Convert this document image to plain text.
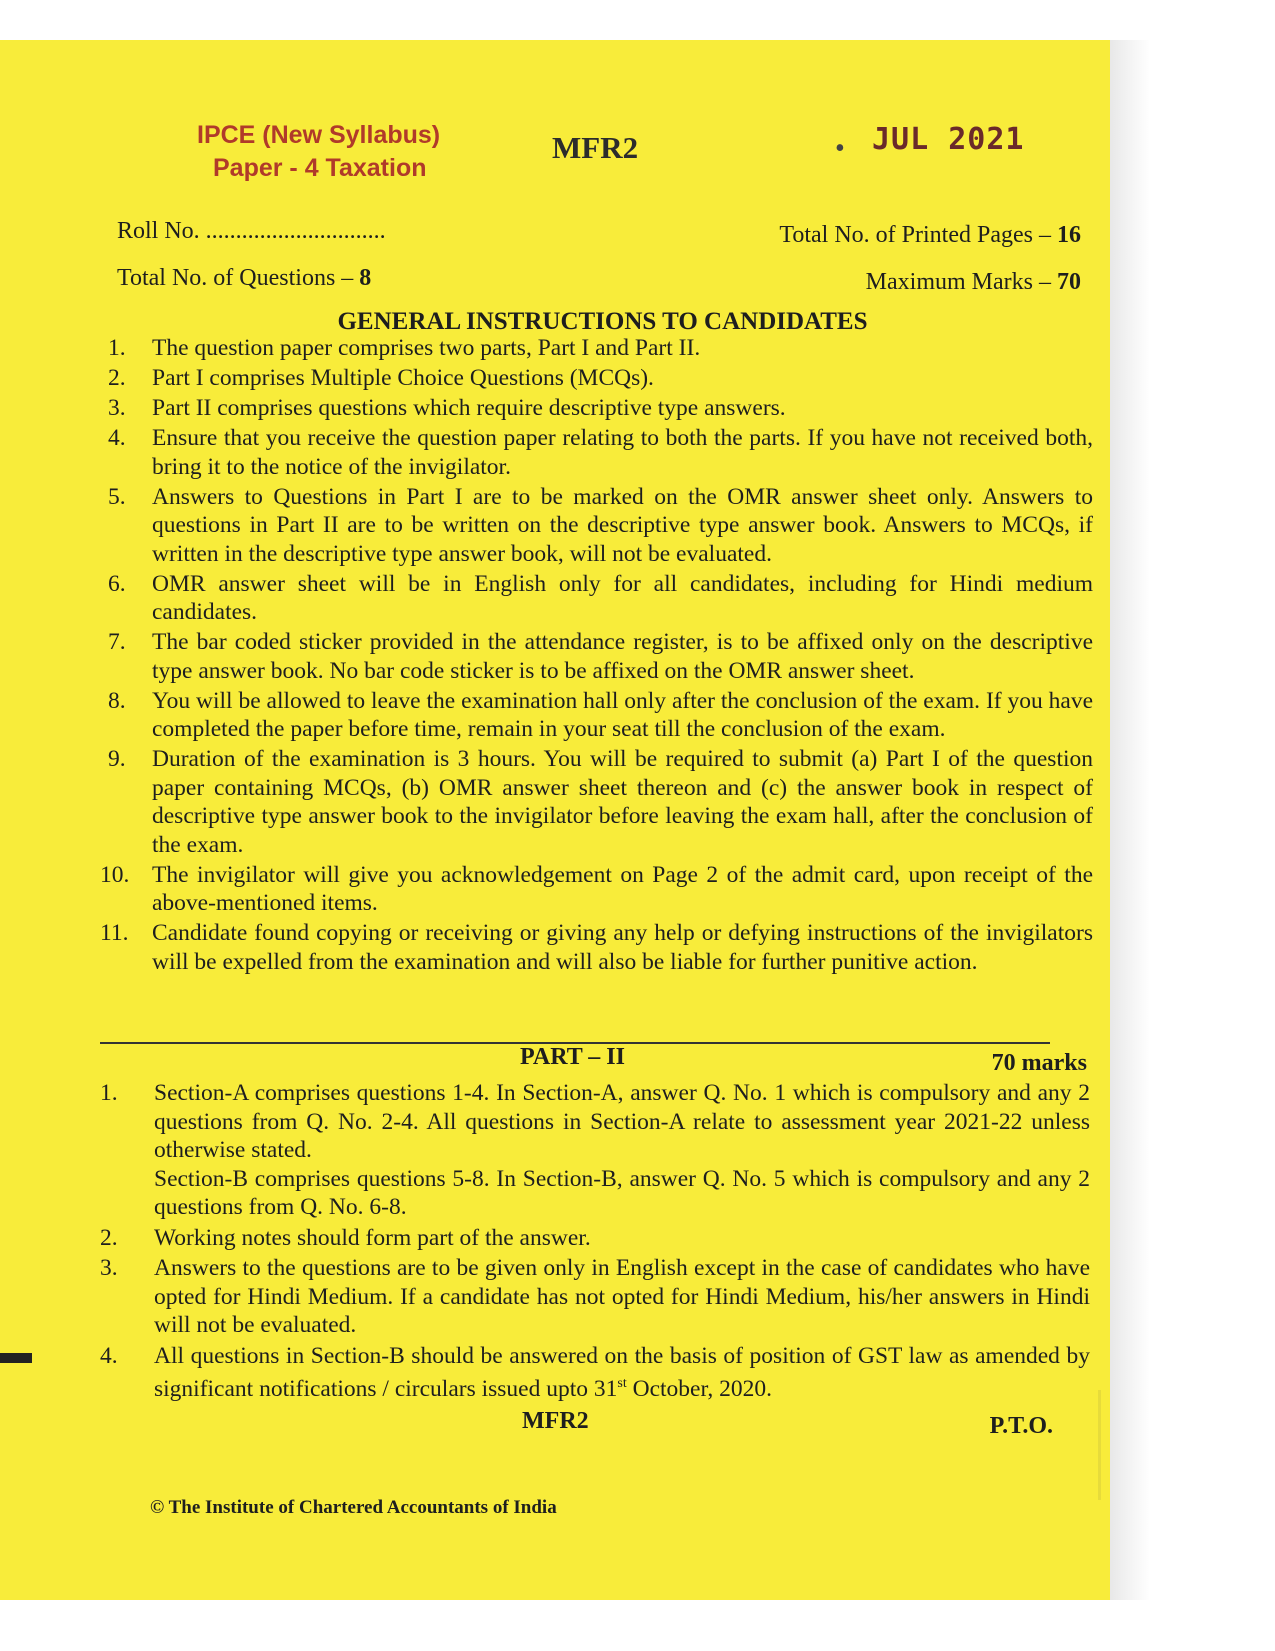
IPCE (New Syllabus)
Paper - 4 Taxation
MFR2	• JUL 2021
Roll No. ..............................	Total No. of Printed Pages – 16
Total No. of Questions – 8	Maximum Marks – 70
GENERAL INSTRUCTIONS TO CANDIDATES
1. The question paper comprises two parts, Part I and Part II.
2. Part I comprises Multiple Choice Questions (MCQs).
3. Part II comprises questions which require descriptive type answers.
4. Ensure that you receive the question paper relating to both the parts. If you have not received both, bring it to the notice of the invigilator.
5. Answers to Questions in Part I are to be marked on the OMR answer sheet only. Answers to questions in Part II are to be written on the descriptive type answer book. Answers to MCQs, if written in the descriptive type answer book, will not be evaluated.
6. OMR answer sheet will be in English only for all candidates, including for Hindi medium candidates.
7. The bar coded sticker provided in the attendance register, is to be affixed only on the descriptive type answer book. No bar code sticker is to be affixed on the OMR answer sheet.
8. You will be allowed to leave the examination hall only after the conclusion of the exam. If you have completed the paper before time, remain in your seat till the conclusion of the exam.
9. Duration of the examination is 3 hours. You will be required to submit (a) Part I of the question paper containing MCQs, (b) OMR answer sheet thereon and (c) the answer book in respect of descriptive type answer book to the invigilator before leaving the exam hall, after the conclusion of the exam.
10. The invigilator will give you acknowledgement on Page 2 of the admit card, upon receipt of the above-mentioned items.
11. Candidate found copying or receiving or giving any help or defying instructions of the invigilators will be expelled from the examination and will also be liable for further punitive action.
PART – II	70 marks
1. Section-A comprises questions 1-4. In Section-A, answer Q. No. 1 which is compulsory and any 2 questions from Q. No. 2-4. All questions in Section-A relate to assessment year 2021-22 unless otherwise stated.
Section-B comprises questions 5-8. In Section-B, answer Q. No. 5 which is compulsory and any 2 questions from Q. No. 6-8.
2. Working notes should form part of the answer.
3. Answers to the questions are to be given only in English except in the case of candidates who have opted for Hindi Medium. If a candidate has not opted for Hindi Medium, his/her answers in Hindi will not be evaluated.
4. All questions in Section-B should be answered on the basis of position of GST law as amended by significant notifications / circulars issued upto 31st October, 2020.
MFR2	P.T.O.
© The Institute of Chartered Accountants of India
